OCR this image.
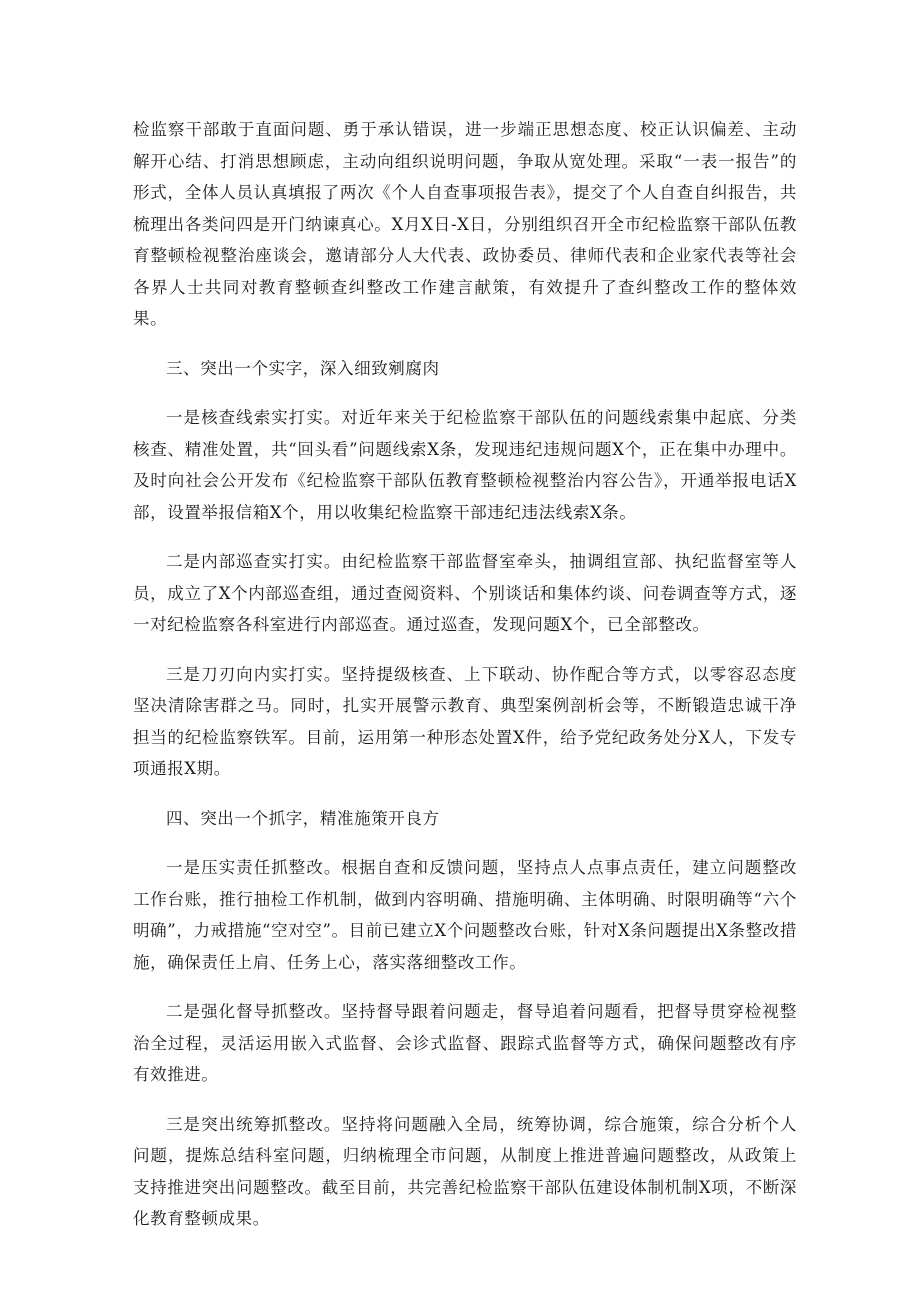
检监察干部敢于直面问题、勇于承认错误，进一步端正思想态度、校正认识偏差、主动解开心结、打消思想顾虑，主动向组织说明问题，争取从宽处理。采取“一表一报告”的形式，全体人员认真填报了两次《个人自查事项报告表》，提交了个人自查自纠报告，共梳理出各类问四是开门纳谏真心。X月X日-X日，分别组织召开全市纪检监察干部队伍教育整顿检视整治座谈会，邀请部分人大代表、政协委员、律师代表和企业家代表等社会各界人士共同对教育整顿查纠整改工作建言献策，有效提升了查纠整改工作的整体效果。

三、突出一个实字，深入细致剜腐肉

一是核查线索实打实。对近年来关于纪检监察干部队伍的问题线索集中起底、分类核查、精准处置，共“回头看”问题线索X条，发现违纪违规问题X个，正在集中办理中。及时向社会公开发布《纪检监察干部队伍教育整顿检视整治内容公告》，开通举报电话X部，设置举报信箱X个，用以收集纪检监察干部违纪违法线索X条。

二是内部巡查实打实。由纪检监察干部监督室牵头，抽调组宣部、执纪监督室等人员，成立了X个内部巡查组，通过查阅资料、个别谈话和集体约谈、问卷调查等方式，逐一对纪检监察各科室进行内部巡查。通过巡查，发现问题X个，已全部整改。

三是刀刃向内实打实。坚持提级核查、上下联动、协作配合等方式，以零容忍态度坚决清除害群之马。同时，扎实开展警示教育、典型案例剖析会等，不断锻造忠诚干净担当的纪检监察铁军。目前，运用第一种形态处置X件，给予党纪政务处分X人，下发专项通报X期。

四、突出一个抓字，精准施策开良方

一是压实责任抓整改。根据自查和反馈问题，坚持点人点事点责任，建立问题整改工作台账，推行抽检工作机制，做到内容明确、措施明确、主体明确、时限明确等“六个明确”，力戒措施“空对空”。目前已建立X个问题整改台账，针对X条问题提出X条整改措施，确保责任上肩、任务上心，落实落细整改工作。

二是强化督导抓整改。坚持督导跟着问题走，督导追着问题看，把督导贯穿检视整治全过程，灵活运用嵌入式监督、会诊式监督、跟踪式监督等方式，确保问题整改有序有效推进。

三是突出统筹抓整改。坚持将问题融入全局，统筹协调，综合施策，综合分析个人问题，提炼总结科室问题，归纳梳理全市问题，从制度上推进普遍问题整改，从政策上支持推进突出问题整改。截至目前，共完善纪检监察干部队伍建设体制机制X项，不断深化教育整顿成果。
